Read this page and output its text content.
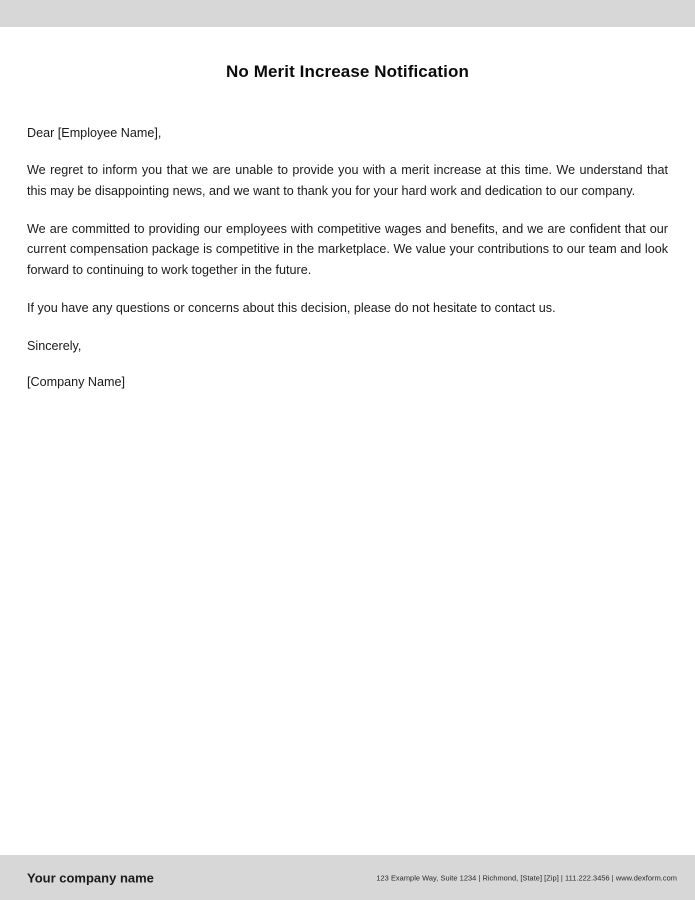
No Merit Increase Notification

Dear [Employee Name],

We regret to inform you that we are unable to provide you with a merit increase at this time. We understand that this may be disappointing news, and we want to thank you for your hard work and dedication to our company.

We are committed to providing our employees with competitive wages and benefits, and we are confident that our current compensation package is competitive in the marketplace. We value your contributions to our team and look forward to continuing to work together in the future.

If you have any questions or concerns about this decision, please do not hesitate to contact us.

Sincerely,

[Company Name]

Your company name	123 Example Way, Suite 1234 | Richmond, [State] [Zip] | 111.222.3456 | www.dexform.com
